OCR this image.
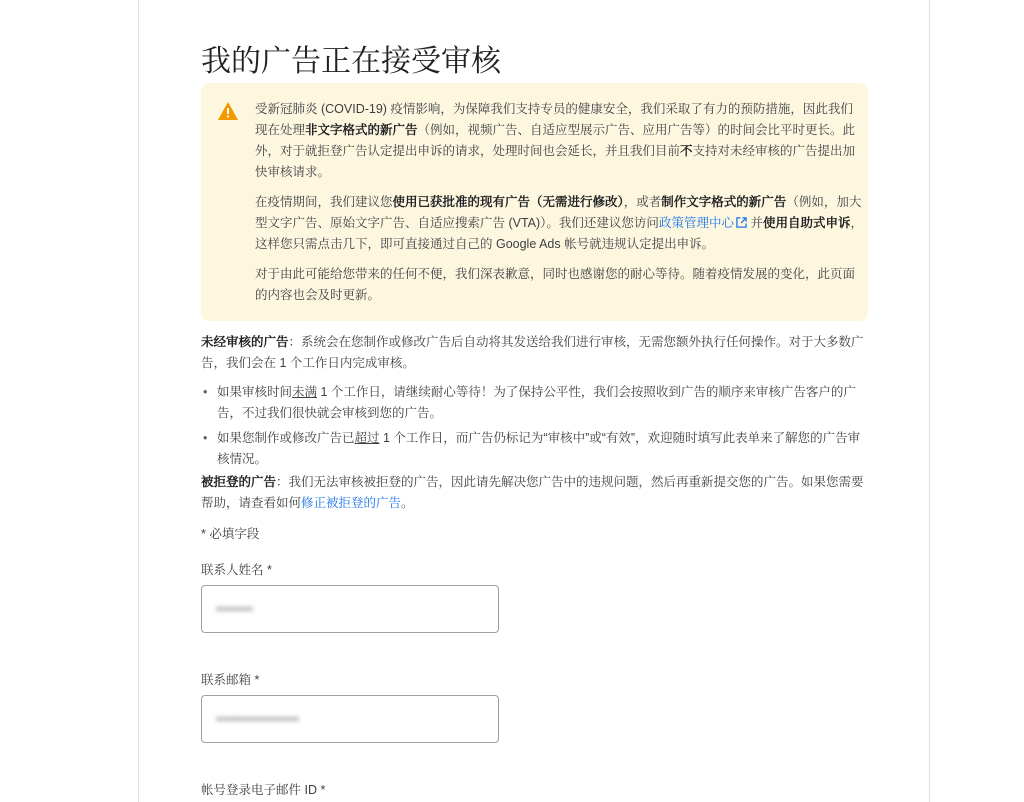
我的广告正在接受审核

受新冠肺炎 (COVID-19) 疫情影响，为保障我们支持专员的健康安全，我们采取了有力的预防措施，因此我们现在处理非文字格式的新广告（例如，视频广告、自适应型展示广告、应用广告等）的时间会比平时更长。此外，对于就拒登广告认定提出申诉的请求，处理时间也会延长，并且我们目前不支持对未经审核的广告提出加快审核请求。

在疫情期间，我们建议您使用已获批准的现有广告（无需进行修改），或者制作文字格式的新广告（例如，加大型文字广告、原始文字广告、自适应搜索广告 (VTA)）。我们还建议您访问政策管理中心 并使用自助式申诉，这样您只需点击几下，即可直接通过自己的 Google Ads 帐号就违规认定提出申诉。

对于由此可能给您带来的任何不便，我们深表歉意，同时也感谢您的耐心等待。随着疫情发展的变化，此页面的内容也会及时更新。

未经审核的广告：系统会在您制作或修改广告后自动将其发送给我们进行审核，无需您额外执行任何操作。对于大多数广告，我们会在 1 个工作日内完成审核。
• 如果审核时间未满 1 个工作日，请继续耐心等待！为了保持公平性，我们会按照收到广告的顺序来审核广告客户的广告，不过我们很快就会审核到您的广告。
• 如果您制作或修改广告已超过 1 个工作日，而广告仍标记为“审核中”或“有效”，欢迎随时填写此表单来了解您的广告审核情况。
被拒登的广告：我们无法审核被拒登的广告，因此请先解决您广告中的违规问题，然后再重新提交您的广告。如果您需要帮助，请查看如何修正被拒登的广告。
* 必填字段
联系人姓名 *
▪▪▪▪▪▪▪▪
联系邮箱 *
▪▪▪▪▪▪▪▪▪▪▪▪▪▪▪▪▪▪
帐号登录电子邮件 ID *
